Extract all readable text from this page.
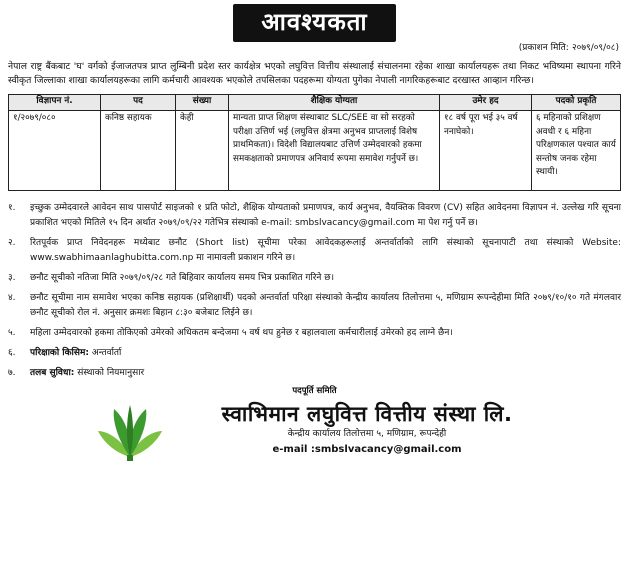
आवश्यकता
(प्रकाशन मिति: २०७९/०९/०८)

नेपाल राष्ट्र बैंकबाट 'घ' वर्गको ईजाजतपत्र प्राप्त लुम्बिनी प्रदेश स्तर कार्यक्षेत्र भएको लघुवित्त वित्तीय संस्थालाई संचालनमा रहेका शाखा कार्यालयहरू तथा निकट भविष्यमा स्थापना गरिने स्वीकृत जिल्लाका शाखा कार्यालयहरूका लागि कर्मचारी आवश्यक भएकोले तपसिलका पदहरूमा योग्यता पुगेका नेपाली नागरिकहरूबाट दरखास्त आव्हान गरिन्छ।

विज्ञापन नं.	पद	संख्या	शैक्षिक योग्यता	उमेर हद	पदको प्रकृति
१/२०७९/०८०	कनिष्ठ सहायक	केही	मान्यता प्राप्त शिक्षण संस्थाबाट SLC/SEE वा सो सरहको परीक्षा उत्तिर्ण भई (लघुवित्त क्षेत्रमा अनुभव प्राप्तलाई विशेष प्राथमिकता)। विदेशी विद्यालयबाट उत्तिर्ण उम्मेदवारको हकमा समकक्षताको प्रमाणपत्र अनिवार्य रूपमा समावेश गर्नुपर्ने छ।	१८ वर्ष पूरा भई ३५ वर्ष ननाघेको।	६ महिनाको प्रशिक्षण अवधी र ६ महिना परिक्षणकाल पश्चात कार्य सन्तोष जनक रहेमा स्थायी।
१.	इच्छुक उम्मेदवारले आवेदन साथ पासपोर्ट साइजको १ प्रति फोटो, शैक्षिक योग्यताको प्रमाणपत्र, कार्य अनुभव, वैयक्तिक विवरण (CV) सहित आवेदनमा विज्ञापन नं. उल्लेख गरि सूचना प्रकाशित भएको मितिले १५ दिन अर्थात २०७९/०९/२२ गतेभित्र संस्थाको e-mail: smbslvacancy@gmail.com मा पेश गर्नु पर्ने छ।
२.	रितपूर्वक प्राप्त निवेदनहरू मध्येबाट छनौट (Short list) सूचीमा परेका आवेदकहरूलाई अन्तर्वार्ताको लागि संस्थाको सूचनापाटी तथा संस्थाको Website: www.swabhimaanlaghubitta.com.np मा नामावली प्रकाशन गरिने छ।
३.	छनौट सूचीको नतिजा मिति २०७९/०९/२८ गते बिहिवार कार्यालय समय भित्र प्रकाशित गरिने छ।
४.	छनौट सूचीमा नाम समावेश भएका कनिष्ठ सहायक (प्रशिक्षार्थी) पदको अन्तर्वार्ता परिक्षा संस्थाको केन्द्रीय कार्यालय तिलोत्तमा ५, मणिग्राम रूपन्देहीमा मिति २०७९/१०/१० गते मंगलवार छनौट सूचीको रोल नं. अनुसार क्रमशः बिहान ८:३० बजेबाट लिईने छ।
५.	महिला उम्मेदवारको हकमा तोकिएको उमेरको अधिकतम बन्देजमा ५ वर्ष थप हुनेछ र बहालवाला कर्मचारीलाई उमेरको हद लाग्ने छैन।
६.	परिक्षाको किसिम: अन्तर्वार्ता
७.	तलब सुविधा: संस्थाको नियमानुसार
पदपूर्ति समिति
स्वाभिमान लघुवित्त वित्तीय संस्था लि.
केन्द्रीय कार्यालय तिलोत्तमा ५, मणिग्राम, रूपन्देही
e-mail :smbslvacancy@gmail.com
